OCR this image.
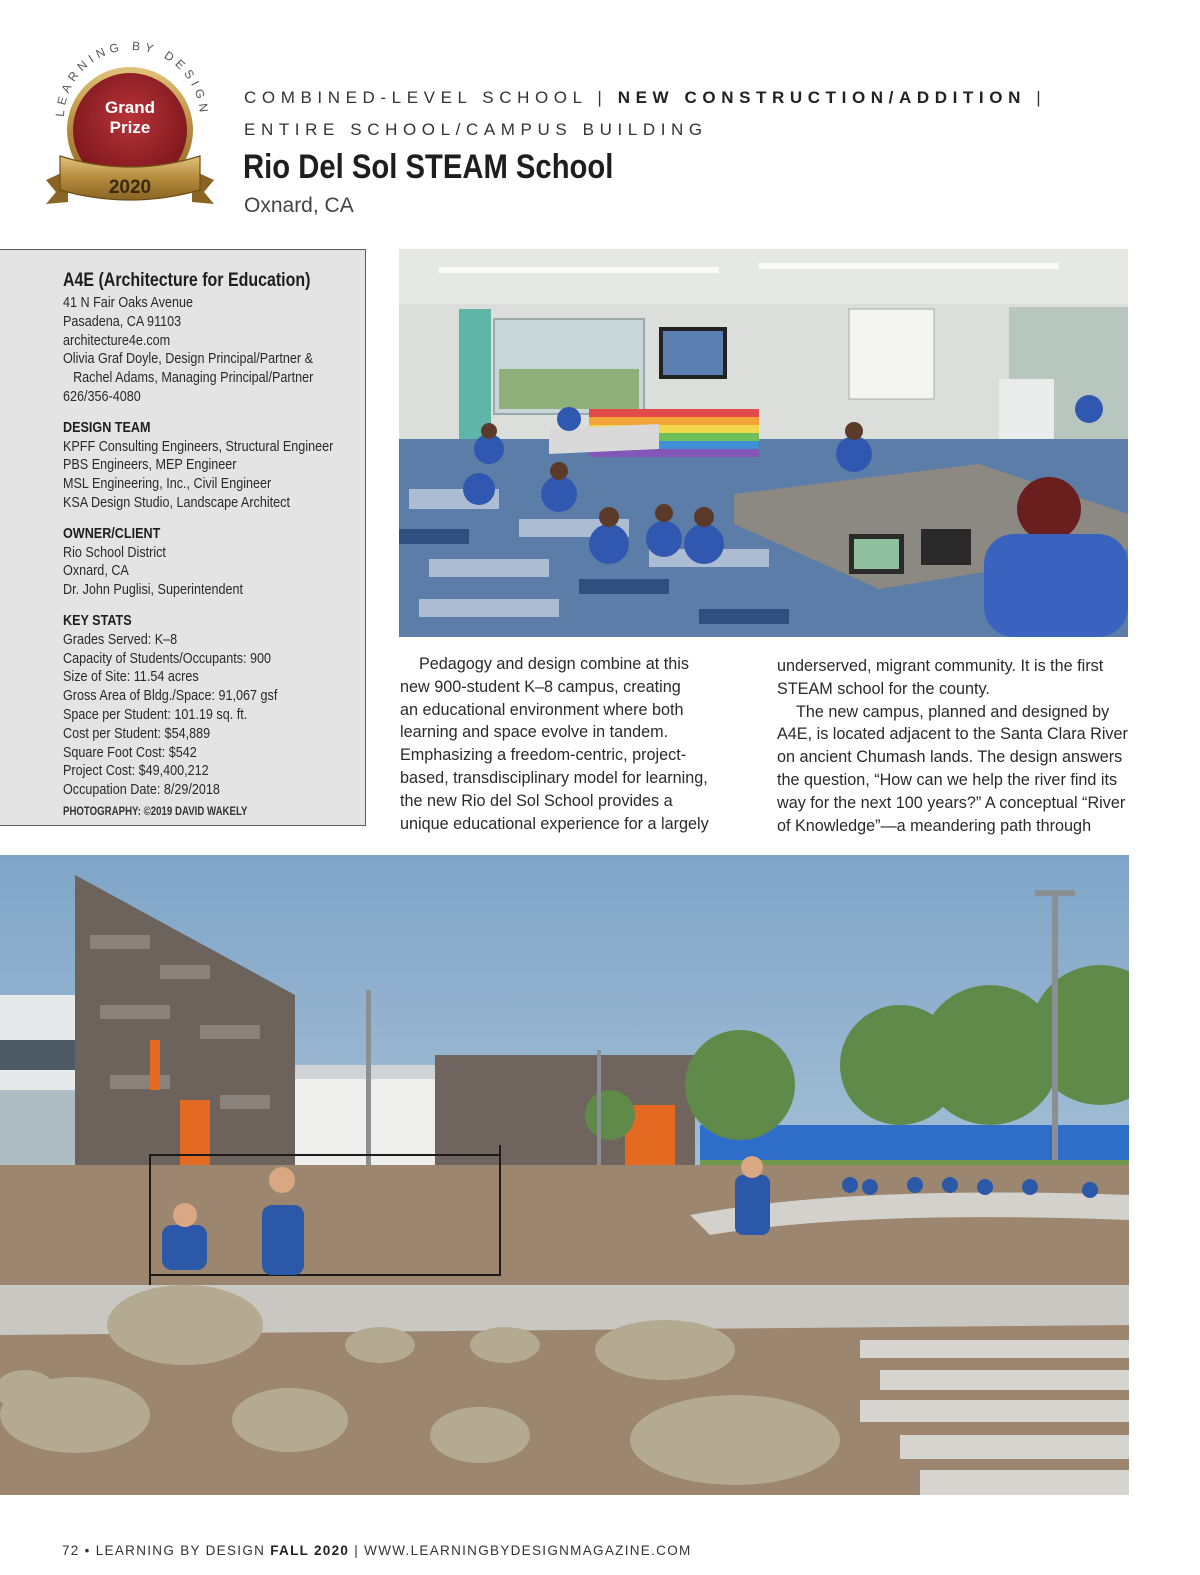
LEARNING BY DESIGN
Grand
Prize
2020
COMBINED-LEVEL SCHOOL | NEW CONSTRUCTION/ADDITION |
ENTIRE SCHOOL/CAMPUS BUILDING
Rio Del Sol STEAM School
Oxnard, CA
A4E (Architecture for Education)
41 N Fair Oaks Avenue
Pasadena, CA 91103
architecture4e.com
Olivia Graf Doyle, Design Principal/Partner &
Rachel Adams, Managing Principal/Partner
626/356-4080
DESIGN TEAM
KPFF Consulting Engineers, Structural Engineer
PBS Engineers, MEP Engineer
MSL Engineering, Inc., Civil Engineer
KSA Design Studio, Landscape Architect
OWNER/CLIENT
Rio School District
Oxnard, CA
Dr. John Puglisi, Superintendent
KEY STATS
Grades Served: K–8
Capacity of Students/Occupants: 900
Size of Site: 11.54 acres
Gross Area of Bldg./Space: 91,067 gsf
Space per Student: 101.19 sq. ft.
Cost per Student: $54,889
Square Foot Cost: $542
Project Cost: $49,400,212
Occupation Date: 8/29/2018
PHOTOGRAPHY: ©2019 DAVID WAKELY

Pedagogy and design combine at this

new 900-student K–8 campus, creating

an educational environment where both

learning and space evolve in tandem.

Emphasizing a freedom-centric, project-

based, transdisciplinary model for learning,

the new Rio del Sol School provides a

unique educational experience for a largely

underserved, migrant community. It is the first

STEAM school for the county.

The new campus, planned and designed by

A4E, is located adjacent to the Santa Clara River

on ancient Chumash lands. The design answers

the question, “How can we help the river find its

way for the next 100 years?” A conceptual “River

of Knowledge”—a meandering path through

72 • LEARNING BY DESIGN FALL 2020 | WWW.LEARNINGBYDESIGNMAGAZINE.COM
